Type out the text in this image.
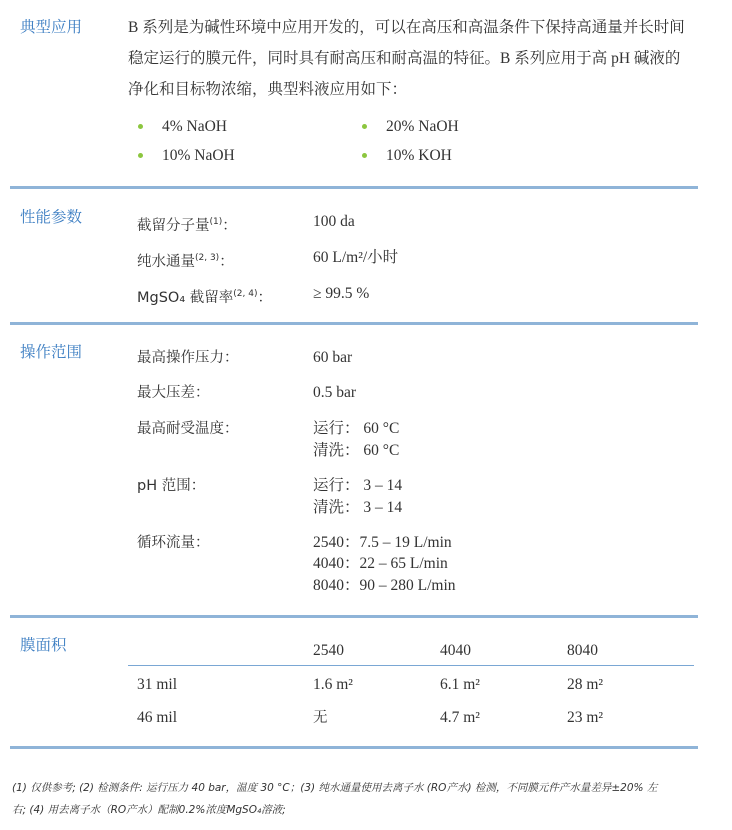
典型应用	B 系列是为碱性环境中应用开发的，可以在高压和高温条件下保持高通量并长时间稳定运行的膜元件，同时具有耐高压和耐高温的特征。B 系列应用于高 pH 碱液的净化和目标物浓缩，典型料液应用如下：
4% NaOH	20% NaOH
10% NaOH	10% KOH
性能参数	截留分子量$^{(1)}$：	100 da
纯水通量$^{(2, 3)}$：	60 L/m²/小时
MgSO₄ 截留率$^{(2, 4)}$：	≥ 99.5 %
操作范围	最高操作压力：	60 bar
最大压差：	0.5 bar
最高耐受温度：	运行： 60 °C
清洗： 60 °C
pH 范围：	运行： 3 – 14
清洗： 3 – 14
循环流量：	2540：7.5 – 19 L/min
4040：22 – 65 L/min
8040：90 – 280 L/min
膜面积	2540	4040	8040
31 mil	1.6 m²	6.1 m²	28 m²
46 mil	无	4.7 m²	23 m²
(1) 仅供参考; (2) 检测条件: 运行压力 40 bar，温度 30 °C；(3) 纯水通量使用去离子水 (RO产水) 检测，不同膜元件产水量差异±20% 左
右; (4) 用去离子水（RO产水）配制0.2%浓度MgSO₄溶液;
